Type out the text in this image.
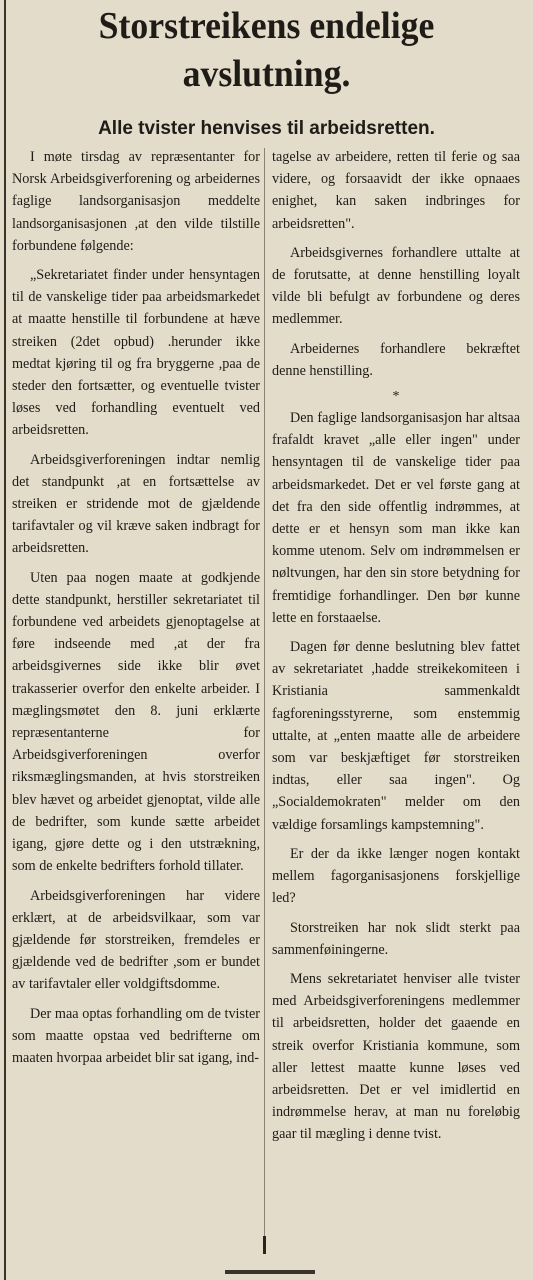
Storstreikens endelige
avslutning.
Alle tvister henvises til arbeidsretten.

I møte tirsdag av repræsentanter for Norsk Arbeidsgiverforening og arbeidernes faglige landsorganisasjon meddelte landsorganisasjonen ,at den vilde tilstille forbundene følgende:

„Sekretariatet finder under hensyntagen til de vanskelige tider paa arbeidsmarkedet at maatte henstille til forbundene at hæve streiken (2det opbud) .herunder ikke medtat kjøring til og fra bryggerne ,paa de steder den fortsætter, og eventuelle tvister løses ved forhandling eventuelt ved arbeidsretten.

Arbeidsgiverforeningen indtar nemlig det standpunkt ,at en fortsættelse av streiken er stridende mot de gjældende tarifavtaler og vil kræve saken indbragt for arbeidsretten.

Uten paa nogen maate at godkjende dette standpunkt, herstiller sekretariatet til forbundene ved arbeidets gjenoptagelse at føre indseende med ,at der fra arbeidsgivernes side ikke blir øvet trakasserier overfor den enkelte arbeider. I mæglingsmøtet den 8. juni erklærte repræsentanterne for Arbeidsgiverforeningen overfor riksmæglingsmanden, at hvis storstreiken blev hævet og arbeidet gjenoptat, vilde alle de bedrifter, som kunde sætte arbeidet igang, gjøre dette og i den utstrækning, som de enkelte bedrifters forhold tillater.

Arbeidsgiverforeningen har videre erklært, at de arbeidsvilkaar, som var gjældende før storstreiken, fremdeles er gjældende ved de bedrifter ,som er bundet av tarifavtaler eller voldgiftsdomme.

Der maa optas forhandling om de tvister som maatte opstaa ved bedrifterne om maaten hvorpaa arbeidet blir sat igang, ind-

tagelse av arbeidere, retten til ferie og saa videre, og forsaavidt der ikke opnaaes enighet, kan saken indbringes for arbeidsretten".

Arbeidsgivernes forhandlere uttalte at de forutsatte, at denne henstilling loyalt vilde bli befulgt av forbundene og deres medlemmer.

Arbeidernes forhandlere bekræftet denne henstilling.

*

Den faglige landsorganisasjon har altsaa frafaldt kravet „alle eller ingen" under hensyntagen til de vanskelige tider paa arbeidsmarkedet. Det er vel første gang at det fra den side offentlig indrømmes, at dette er et hensyn som man ikke kan komme utenom. Selv om indrømmelsen er nøltvungen, har den sin store betydning for fremtidige forhandlinger. Den bør kunne lette en forstaaelse.

Dagen før denne beslutning blev fattet av sekretariatet ,hadde streikekomiteen i Kristiania sammenkaldt fagforeningsstyrerne, som enstemmig uttalte, at „enten maatte alle de arbeidere som var beskjæftiget før storstreiken indtas, eller saa ingen". Og „Socialdemokraten" melder om den vældige forsamlings kampstemning".

Er der da ikke længer nogen kontakt mellem fagorganisasjonens forskjellige led?

Storstreiken har nok slidt sterkt paa sammenføiningerne.

Mens sekretariatet henviser alle tvister med Arbeidsgiverforeningens medlemmer til arbeidsretten, holder det gaaende en streik overfor Kristiania kommune, som aller lettest maatte kunne løses ved arbeidsretten. Det er vel imidlertid en indrømmelse herav, at man nu foreløbig gaar til mægling i denne tvist.
